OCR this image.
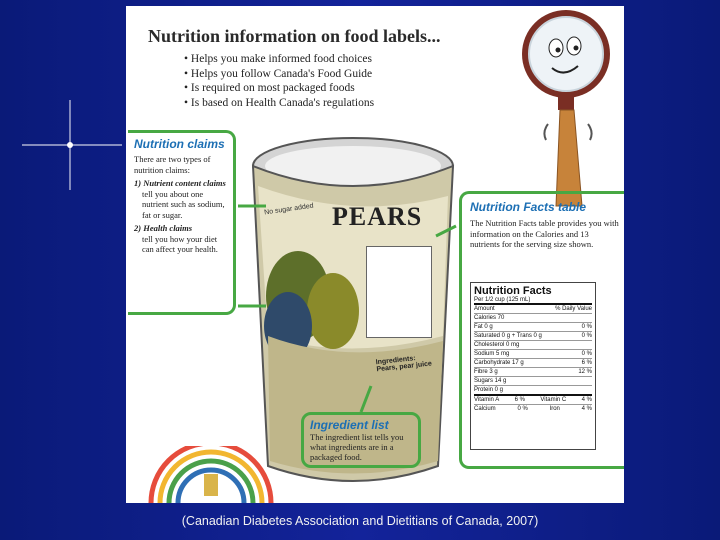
Nutrition information on food labels...
• Helps you make informed food choices
• Helps you follow Canada's Food Guide
• Is required on most packaged foods
• Is based on Health Canada's regulations
Nutrition claims
There are two types of nutrition claims:
1) Nutrient content claims
tell you about one nutrient such as sodium, fat or sugar.
2) Health claims
tell you how your diet can affect your health.
No sugar added PEARS
Ingredients: Pears, pear juice
Nutrition Facts table
The Nutrition Facts table provides you with information on the Calories and 13 nutrients for the serving size shown.
Nutrition Facts
Per 1/2 cup (125 mL)
Amount	% Daily Value
Calories 70
Fat 0 g	0 %
Saturated 0 g + Trans 0 g	0 %
Cholesterol 0 mg
Sodium 5 mg	0 %
Carbohydrate 17 g	6 %
Fibre 3 g	12 %
Sugars 14 g
Protein 0 g
Vitamin A	6 %	Vitamin C	4 %
Calcium	0 %	Iron	4 %
Ingredient list
The ingredient list tells you what ingredients are in a packaged food.
(Canadian Diabetes Association and Dietitians of Canada, 2007)
